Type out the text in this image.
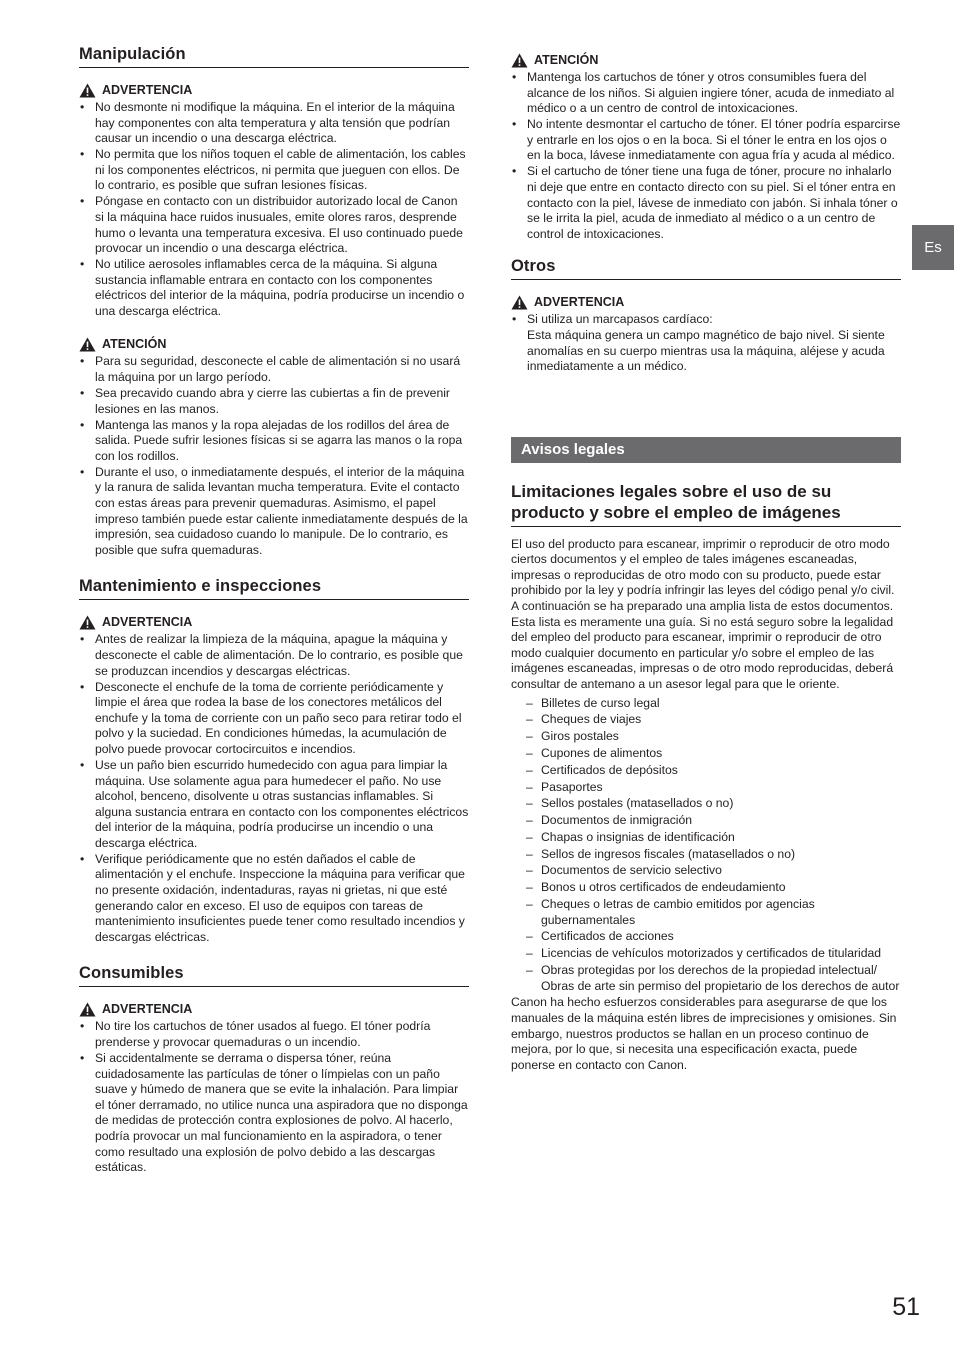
Manipulación
ADVERTENCIA
• No desmonte ni modifique la máquina. En el interior de la máquina hay componentes con alta temperatura y alta tensión que podrían causar un incendio o una descarga eléctrica.
• No permita que los niños toquen el cable de alimentación, los cables ni los componentes eléctricos, ni permita que jueguen con ellos. De lo contrario, es posible que sufran lesiones físicas.
• Póngase en contacto con un distribuidor autorizado local de Canon si la máquina hace ruidos inusuales, emite olores raros, desprende humo o levanta una temperatura excesiva. El uso continuado puede provocar un incendio o una descarga eléctrica.
• No utilice aerosoles inflamables cerca de la máquina. Si alguna sustancia inflamable entrara en contacto con los componentes eléctricos del interior de la máquina, podría producirse un incendio o una descarga eléctrica.
ATENCIÓN
• Para su seguridad, desconecte el cable de alimentación si no usará la máquina por un largo período.
• Sea precavido cuando abra y cierre las cubiertas a fin de prevenir lesiones en las manos.
• Mantenga las manos y la ropa alejadas de los rodillos del área de salida. Puede sufrir lesiones físicas si se agarra las manos o la ropa con los rodillos.
• Durante el uso, o inmediatamente después, el interior de la máquina y la ranura de salida levantan mucha temperatura. Evite el contacto con estas áreas para prevenir quemaduras. Asimismo, el papel impreso también puede estar caliente inmediatamente después de la impresión, sea cuidadoso cuando lo manipule. De lo contrario, es posible que sufra quemaduras.
Mantenimiento e inspecciones
ADVERTENCIA
• Antes de realizar la limpieza de la máquina, apague la máquina y desconecte el cable de alimentación. De lo contrario, es posible que se produzcan incendios y descargas eléctricas.
• Desconecte el enchufe de la toma de corriente periódicamente y limpie el área que rodea la base de los conectores metálicos del enchufe y la toma de corriente con un paño seco para retirar todo el polvo y la suciedad. En condiciones húmedas, la acumulación de polvo puede provocar cortocircuitos e incendios.
• Use un paño bien escurrido humedecido con agua para limpiar la máquina. Use solamente agua para humedecer el paño. No use alcohol, benceno, disolvente u otras sustancias inflamables. Si alguna sustancia entrara en contacto con los componentes eléctricos del interior de la máquina, podría producirse un incendio o una descarga eléctrica.
• Verifique periódicamente que no estén dañados el cable de alimentación y el enchufe. Inspeccione la máquina para verificar que no presente oxidación, indentaduras, rayas ni grietas, ni que esté generando calor en exceso. El uso de equipos con tareas de mantenimiento insuficientes puede tener como resultado incendios y descargas eléctricas.
Consumibles
ADVERTENCIA
• No tire los cartuchos de tóner usados al fuego. El tóner podría prenderse y provocar quemaduras o un incendio.
• Si accidentalmente se derrama o dispersa tóner, reúna cuidadosamente las partículas de tóner o límpielas con un paño suave y húmedo de manera que se evite la inhalación. Para limpiar el tóner derramado, no utilice nunca una aspiradora que no disponga de medidas de protección contra explosiones de polvo. Al hacerlo, podría provocar un mal funcionamiento en la aspiradora, o tener como resultado una explosión de polvo debido a las descargas estáticas.
ATENCIÓN
• Mantenga los cartuchos de tóner y otros consumibles fuera del alcance de los niños. Si alguien ingiere tóner, acuda de inmediato al médico o a un centro de control de intoxicaciones.
• No intente desmontar el cartucho de tóner. El tóner podría esparcirse y entrarle en los ojos o en la boca. Si el tóner le entra en los ojos o en la boca, lávese inmediatamente con agua fría y acuda al médico.
• Si el cartucho de tóner tiene una fuga de tóner, procure no inhalarlo ni deje que entre en contacto directo con su piel. Si el tóner entra en contacto con la piel, lávese de inmediato con jabón. Si inhala tóner o se le irrita la piel, acuda de inmediato al médico o a un centro de control de intoxicaciones.
Otros
ADVERTENCIA
• Si utiliza un marcapasos cardíaco:
Esta máquina genera un campo magnético de bajo nivel. Si siente anomalías en su cuerpo mientras usa la máquina, aléjese y acuda inmediatamente a un médico.
Avisos legales
Limitaciones legales sobre el uso de su producto y sobre el empleo de imágenes

El uso del producto para escanear, imprimir o reproducir de otro modo ciertos documentos y el empleo de tales imágenes escaneadas, impresas o reproducidas de otro modo con su producto, puede estar prohibido por la ley y podría infringir las leyes del código penal y/o civil. A continuación se ha preparado una amplia lista de estos documentos. Esta lista es meramente una guía. Si no está seguro sobre la legalidad del empleo del producto para escanear, imprimir o reproducir de otro modo cualquier documento en particular y/o sobre el empleo de las imágenes escaneadas, impresas o de otro modo reproducidas, deberá consultar de antemano a un asesor legal para que le oriente.

– Billetes de curso legal
– Cheques de viajes
– Giros postales
– Cupones de alimentos
– Certificados de depósitos
– Pasaportes
– Sellos postales (matasellados o no)
– Documentos de inmigración
– Chapas o insignias de identificación
– Sellos de ingresos fiscales (matasellados o no)
– Documentos de servicio selectivo
– Bonos u otros certificados de endeudamiento
– Cheques o letras de cambio emitidos por agencias gubernamentales
– Certificados de acciones
– Licencias de vehículos motorizados y certificados de titularidad
– Obras protegidas por los derechos de la propiedad intelectual/ Obras de arte sin permiso del propietario de los derechos de autor

Canon ha hecho esfuerzos considerables para asegurarse de que los manuales de la máquina estén libres de imprecisiones y omisiones. Sin embargo, nuestros productos se hallan en un proceso continuo de mejora, por lo que, si necesita una especificación exacta, puede ponerse en contacto con Canon.

Es
51
